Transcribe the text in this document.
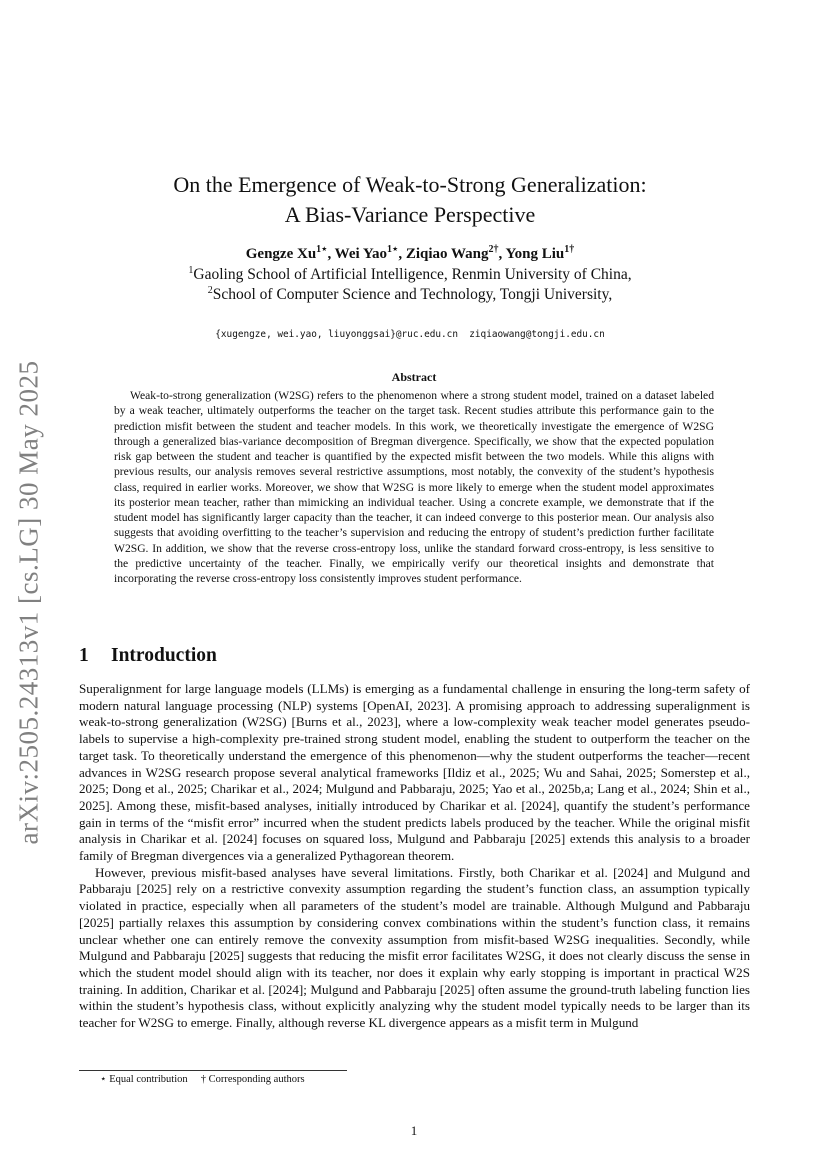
arXiv:2505.24313v1 [cs.LG] 30 May 2025
On the Emergence of Weak-to-Strong Generalization:
A Bias-Variance Perspective
Gengze $Xu^{1⋆}$, Wei Yao$^{1⋆}$, Ziqiao Wang$^{2\dagger}$, Yong Liu$^{1\dagger}$
$^1$Gaoling School of Artificial Intelligence, Renmin University of China,
$^2$School of Computer Science and Technology, Tongji University,
{xugengze, wei.yao, liuyonggsai}@ruc.edu.cn  ziqiaowang@tongji.edu.cn
Abstract

Weak-to-strong generalization (W2SG) refers to the phenomenon where a strong student model, trained on a dataset labeled by a weak teacher, ultimately outperforms the teacher on the target task. Recent studies attribute this performance gain to the prediction misfit between the student and teacher models. In this work, we theoretically investigate the emergence of W2SG through a generalized bias-variance decomposition of Bregman divergence. Specifically, we show that the expected population risk gap between the student and teacher is quantified by the expected misfit between the two models. While this aligns with previous results, our analysis removes several restrictive assumptions, most notably, the convexity of the student’s hypothesis class, required in earlier works. Moreover, we show that W2SG is more likely to emerge when the student model approximates its posterior mean teacher, rather than mimicking an individual teacher. Using a concrete example, we demonstrate that if the student model has significantly larger capacity than the teacher, it can indeed converge to this posterior mean. Our analysis also suggests that avoiding overfitting to the teacher’s supervision and reducing the entropy of student’s prediction further facilitate W2SG. In addition, we show that the reverse cross-entropy loss, unlike the standard forward cross-entropy, is less sensitive to the predictive uncertainty of the teacher. Finally, we empirically verify our theoretical insights and demonstrate that incorporating the reverse cross-entropy loss consistently improves student performance.

1 Introduction

Superalignment for large language models (LLMs) is emerging as a fundamental challenge in ensuring the long-term safety of modern natural language processing (NLP) systems [OpenAI, 2023]. A promising approach to addressing superalignment is weak-to-strong generalization (W2SG) [Burns et al., 2023], where a low-complexity weak teacher model generates pseudo-labels to supervise a high-complexity pre-trained strong student model, enabling the student to outperform the teacher on the target task. To theoretically understand the emergence of this phenomenon—why the student outperforms the teacher—recent advances in W2SG research propose several analytical frameworks [Ildiz et al., 2025; Wu and Sahai, 2025; Somerstep et al., 2025; Dong et al., 2025; Charikar et al., 2024; Mulgund and Pabbaraju, 2025; Yao et al., 2025b,a; Lang et al., 2024; Shin et al., 2025]. Among these, misfit-based analyses, initially introduced by Charikar et al. [2024], quantify the student’s performance gain in terms of the “misfit error” incurred when the student predicts labels produced by the teacher. While the original misfit analysis in Charikar et al. [2024] focuses on squared loss, Mulgund and Pabbaraju [2025] extends this analysis to a broader family of Bregman divergences via a generalized Pythagorean theorem.

However, previous misfit-based analyses have several limitations. Firstly, both Charikar et al. [2024] and Mulgund and Pabbaraju [2025] rely on a restrictive convexity assumption regarding the student’s function class, an assumption typically violated in practice, especially when all parameters of the student’s model are trainable. Although Mulgund and Pabbaraju [2025] partially relaxes this assumption by considering convex combinations within the student’s function class, it remains unclear whether one can entirely remove the convexity assumption from misfit-based W2SG inequalities. Secondly, while Mulgund and Pabbaraju [2025] suggests that reducing the misfit error facilitates W2SG, it does not clearly discuss the sense in which the student model should align with its teacher, nor does it explain why early stopping is important in practical W2S training. In addition, Charikar et al. [2024]; Mulgund and Pabbaraju [2025] often assume the ground-truth labeling function lies within the student’s hypothesis class, without explicitly analyzing why the student model typically needs to be larger than its teacher for W2SG to emerge. Finally, although reverse KL divergence appears as a misfit term in Mulgund

⋆ Equal contribution     † Corresponding authors
1
